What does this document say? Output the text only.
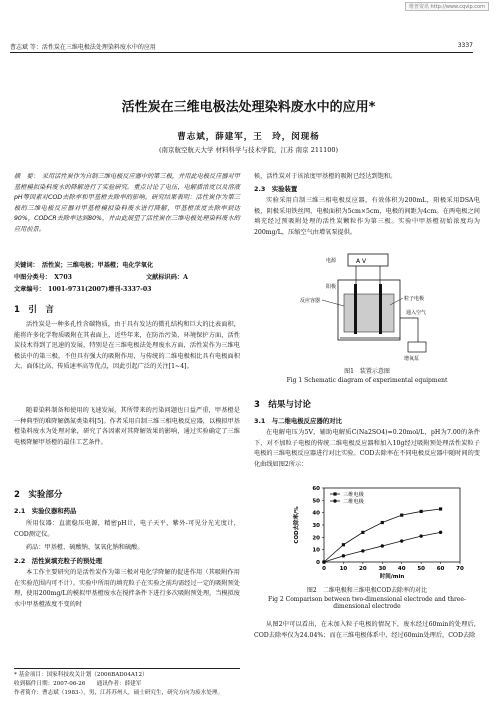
维普资讯 http://www.cqvip.com
曹志斌 等：活性炭在三维电极法处理染料废水中的应用	3337
活性炭在三维电极法处理染料废水中的应用*
曹志斌，薛建军，王　玲，闵现杨
(南京航空航天大学 材料科学与技术学院，江苏 南京 211100)
摘　要：　采用活性炭作为自制三维电极反应器中的第三极，并用此电极反应器对甲基橙模拟染料废水的降解进行了实验研究。重点讨论了电压、电解质浓度以及溶液pH等因素对COD去除率和甲基橙去除率的影响。研究结果表明：活性炭作为第三极的三维电极反应器对甲基橙模拟染料废水进行降解，甲基橙浓度去除率到达90%，CODCR去除率达到80%，并由此展望了活性炭在三维电极处理染料废水的应用前景。
关键词：　活性炭；三维电极；甲基橙；电化学氧化
中图分类号：　X703	文献标识码：A
文章编号：　1001-9731(2007)增刊-3337-03
1　引　言
活性炭是一种多孔性含碳物质，由于具有发达的微孔结构和巨大的比表面积，能将许多化学物质吸附在其表面上，近些年来，在防治污染、环境保护方面，活性炭技术得到了迅速的发展，特别是在三维电极法处理废水方面，活性炭作为三维电极法中的第三极，不但具有强大的吸附作用，与传统的二维电极相比具有电极面积大、面体比高、传质速率高等优点，因此引起广泛的关注[1~4]。
随着染料制备和使用的飞速发展，其所带来的污染问题也日益严重，甲基橙是一种典型的难降解偶氮类染料[5]。作者采用自制三维三相电极反应器，以模拟甲基橙染料废水为处理对象，研究了各因素对其降解效果的影响，通过实验确定了三维电极降解甲基橙的最佳工艺条件。
2　实验部分
2.1　实验仪器和药品
所用仪器：直流稳压电源，精密pH计，电子天平，紫外-可见分光光度计，COD测定仪。
药品：甲基橙、硫酸钠、氢氧化钠和硫酸。
2.2　活性炭填充粒子的预处理
本工作主要研究的是活性炭作为第三极对电化学降解的促进作用（其吸附作用在实验范围内可不计）。实验中所用的填充粒子在实验之前均需经过一定的吸附预处理，使用200mg/L的模拟甲基橙废水在搅拌条件下进行多次吸附预处理，当模拟废水中甲基橙浓度不变的时
候，活性炭对于该浓度甲基橙的吸附已经达到饱和。
2.3　实验装置
实验采用自制三维三相电极反应器，有效体积为200mL，阳极采用DSA电极，阴极采用铁丝网，电极面积为5cm×5cm，电极的间距为4cm。在两电极之间填充经过预吸附处理的活性炭颗粒作为第三极。实验中甲基橙初始浓度均为200mg/L，压缩空气由增氧泵提供。
电源	A V
阳极
反应容器	粒子电极
通入空气
增氧泵
图1　装置示意图
Fig 1 Schematic diagram of experimental equipment
3　结果与讨论
3.1　与二维电极反应器的对比
在电解电压为5V，辅助电解质C(Na2SO4)=0.20mol/L，pH为7.00的条件下，对不加粒子电极的传统二维电极反应器和加入10g经过吸附预处理活性炭粒子电极的三维电极反应器进行对比实验。COD去除率在不同电极反应器中随时间的变化曲线如图2所示：
0
10
20
30
40
50
60
0 10 20 30 40 50 60 70
时间/min
COD去除率/%
三维电极
二维电极
图2　二维电极和三维电极COD去除率的对比
Fig 2 Comparison between two-dimensional electrode and three-dimensional electrode
从图2中可以看出，在未加入粒子电极的情况下，废水经过60min的处理后，COD去除率仅为24.04%；而在三维电极体系中，经过60min处理后，COD去除
* 基金项目：国家科技攻关计划（2006BAD04A12）
收到稿件日期：2007-06-26　　通讯作者：薛建军
作者简介：曹志斌（1983-），男，江苏苏州人，硕士研究生，研究方向为废水处理。
